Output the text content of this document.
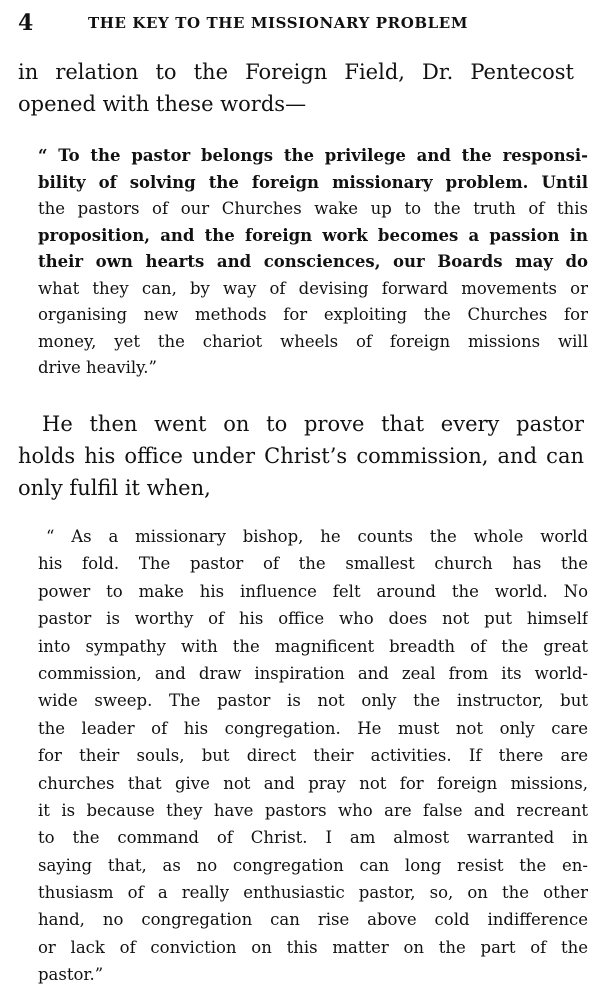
4	THE KEY TO THE MISSIONARY PROBLEM
in relation to the Foreign Field, Dr. Pentecost
opened with these words—
“ To the pastor belongs the privilege and the responsi-
bility of solving the foreign missionary problem. Until
the pastors of our Churches wake up to the truth of this
proposition, and the foreign work becomes a passion in
their own hearts and consciences, our Boards may do
what they can, by way of devising forward movements or
organising new methods for exploiting the Churches for
money, yet the chariot wheels of foreign missions will
drive heavily.”
He then went on to prove that every pastor
holds his office under Christ’s commission, and can
only fulfil it when,
“ As a missionary bishop, he counts the whole world
his fold. The pastor of the smallest church has the
power to make his influence felt around the world. No
pastor is worthy of his office who does not put himself
into sympathy with the magnificent breadth of the great
commission, and draw inspiration and zeal from its world-
wide sweep. The pastor is not only the instructor, but
the leader of his congregation. He must not only care
for their souls, but direct their activities. If there are
churches that give not and pray not for foreign missions,
it is because they have pastors who are false and recreant
to the command of Christ. I am almost warranted in
saying that, as no congregation can long resist the en-
thusiasm of a really enthusiastic pastor, so, on the other
hand, no congregation can rise above cold indifference
or lack of conviction on this matter on the part of the
pastor.”
